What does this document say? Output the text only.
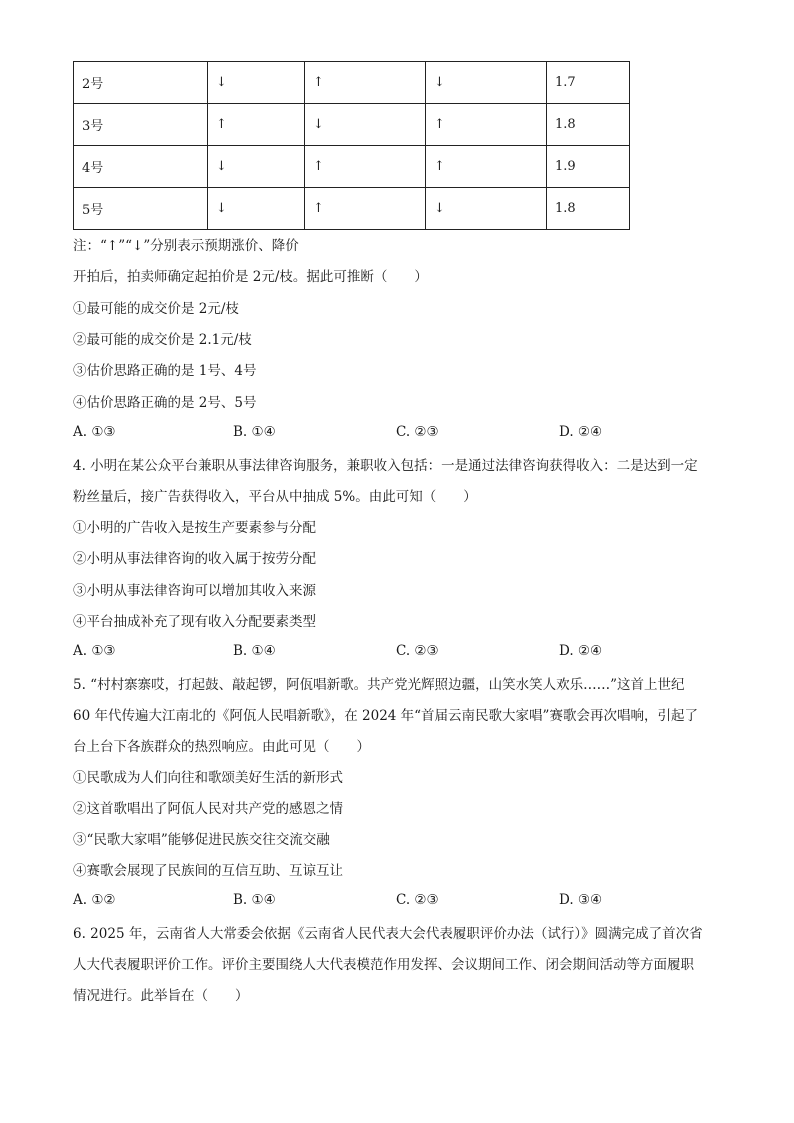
2号	↓	↑	↓	1.7
3号	↑	↓	↑	1.8
4号	↓	↑	↑	1.9
5号	↓	↑	↓	1.8
注：“↑”“↓”分别表示预期涨价、降价
开拍后，拍卖师确定起拍价是 2元/枝。据此可推断（　　）
①最可能的成交价是 2元/枝
②最可能的成交价是 2.1元/枝
③估价思路正确的是 1号、4号
④估价思路正确的是 2号、5号
A. ①③	B. ①④	C. ②③	D. ②④
4. 小明在某公众平台兼职从事法律咨询服务，兼职收入包括：一是通过法律咨询获得收入：二是达到一定
粉丝量后，接广告获得收入，平台从中抽成 5%。由此可知（　　）
①小明的广告收入是按生产要素参与分配
②小明从事法律咨询的收入属于按劳分配
③小明从事法律咨询可以增加其收入来源
④平台抽成补充了现有收入分配要素类型
A. ①③	B. ①④	C. ②③	D. ②④
5. “村村寨寨哎，打起鼓、敲起锣，阿佤唱新歌。共产党光辉照边疆，山笑水笑人欢乐……”这首上世纪
60 年代传遍大江南北的《阿佤人民唱新歌》，在 2024 年“首届云南民歌大家唱”赛歌会再次唱响，引起了
台上台下各族群众的热烈响应。由此可见（　　）
①民歌成为人们向往和歌颂美好生活的新形式
②这首歌唱出了阿佤人民对共产党的感恩之情
③“民歌大家唱”能够促进民族交往交流交融
④赛歌会展现了民族间的互信互助、互谅互让
A. ①②	B. ①④	C. ②③	D. ③④
6. 2025 年，云南省人大常委会依据《云南省人民代表大会代表履职评价办法（试行）》圆满完成了首次省
人大代表履职评价工作。评价主要围绕人大代表模范作用发挥、会议期间工作、闭会期间活动等方面履职
情况进行。此举旨在（　　）
